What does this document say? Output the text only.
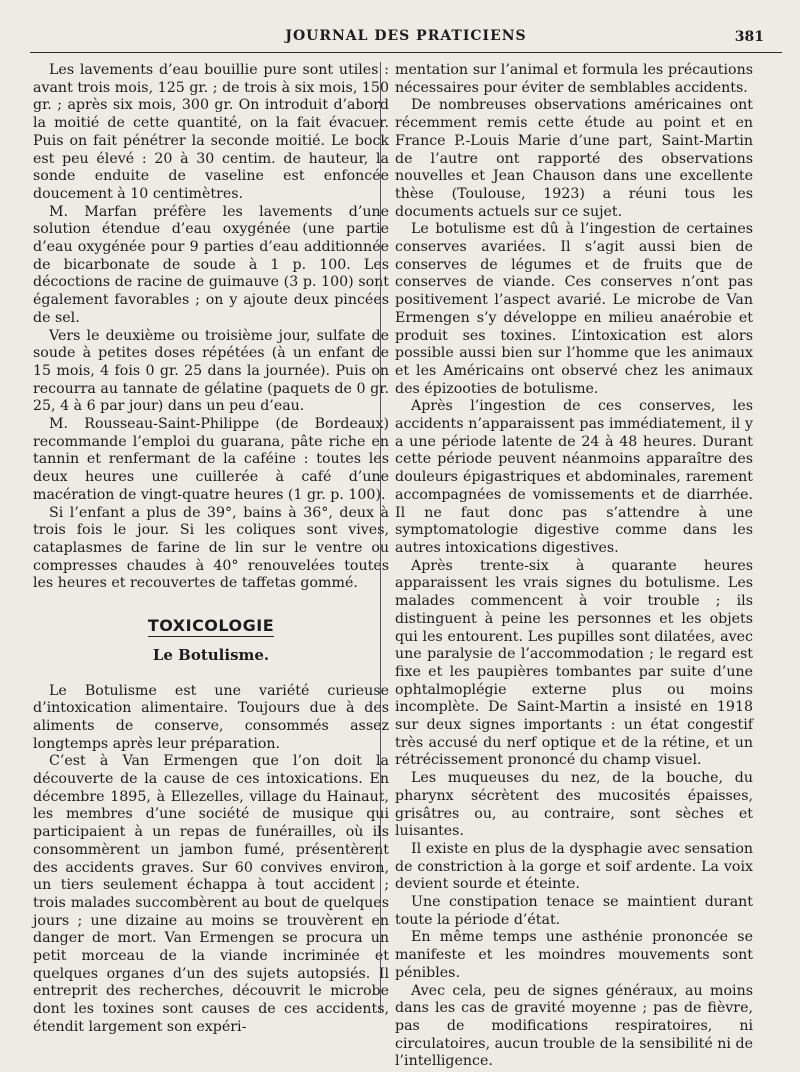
JOURNAL DES PRATICIENS	381

Les lavements d’eau bouillie pure sont utiles : avant trois mois, 125 gr. ; de trois à six mois, 150 gr. ; après six mois, 300 gr. On introduit d’abord la moitié de cette quantité, on la fait évacuer. Puis on fait pénétrer la seconde moitié. Le bock est peu élevé : 20 à 30 centim. de hauteur, la sonde enduite de vaseline est enfoncée doucement à 10 centimètres.

M. Marfan préfère les lavements d’une solution étendue d’eau oxygénée (une partie d’eau oxygénée pour 9 parties d’eau additionnée de bicarbonate de soude à 1 p. 100. Les décoctions de racine de guimauve (3 p. 100) sont également favorables ; on y ajoute deux pincées de sel.

Vers le deuxième ou troisième jour, sulfate de soude à petites doses répétées (à un enfant de 15 mois, 4 fois 0 gr. 25 dans la journée). Puis on recourra au tannate de gélatine (paquets de 0 gr. 25, 4 à 6 par jour) dans un peu d’eau.

M. Rousseau-Saint-Philippe (de Bordeaux) recommande l’emploi du guarana, pâte riche en tannin et renfermant de la caféine : toutes les deux heures une cuillerée à café d’une macération de vingt-quatre heures (1 gr. p. 100).

Si l’enfant a plus de 39°, bains à 36°, deux à trois fois le jour. Si les coliques sont vives, cataplasmes de farine de lin sur le ventre ou compresses chaudes à 40° renouvelées toutes les heures et recouvertes de taffetas gommé.

TOXICOLOGIE
Le Botulisme.

Le Botulisme est une variété curieuse d’intoxication alimentaire. Toujours due à des aliments de conserve, consommés assez longtemps après leur préparation.

C’est à Van Ermengen que l’on doit la découverte de la cause de ces intoxications. En décembre 1895, à Ellezelles, village du Hainaut, les membres d’une société de musique qui participaient à un repas de funérailles, où ils consommèrent un jambon fumé, présentèrent des accidents graves. Sur 60 convives environ, un tiers seulement échappa à tout accident ; trois malades succombèrent au bout de quelques jours ; une dizaine au moins se trouvèrent en danger de mort. Van Ermengen se procura un petit morceau de la viande incriminée et quelques organes d’un des sujets autopsiés. Il entreprit des recherches, découvrit le microbe dont les toxines sont causes de ces accidents, étendit largement son expéri-

mentation sur l’animal et formula les précautions nécessaires pour éviter de semblables accidents.

De nombreuses observations américaines ont récemment remis cette étude au point et en France P.-Louis Marie d’une part, Saint-Martin de l’autre ont rapporté des observations nouvelles et Jean Chauson dans une excellente thèse (Toulouse, 1923) a réuni tous les documents actuels sur ce sujet.

Le botulisme est dû à l’ingestion de certaines conserves avariées. Il s’agit aussi bien de conserves de légumes et de fruits que de conserves de viande. Ces conserves n’ont pas positivement l’aspect avarié. Le microbe de Van Ermengen s’y développe en milieu anaérobie et produit ses toxines. L’intoxication est alors possible aussi bien sur l’homme que les animaux et les Américains ont observé chez les animaux des épizooties de botulisme.

Après l’ingestion de ces conserves, les accidents n’apparaissent pas immédiatement, il y a une période latente de 24 à 48 heures. Durant cette période peuvent néanmoins apparaître des douleurs épigastriques et abdominales, rarement accompagnées de vomissements et de diarrhée. Il ne faut donc pas s’attendre à une symptomatologie digestive comme dans les autres intoxications digestives.

Après trente-six à quarante heures apparaissent les vrais signes du botulisme. Les malades commencent à voir trouble ; ils distinguent à peine les personnes et les objets qui les entourent. Les pupilles sont dilatées, avec une paralysie de l’accommodation ; le regard est fixe et les paupières tombantes par suite d’une ophtalmoplégie externe plus ou moins incomplète. De Saint-Martin a insisté en 1918 sur deux signes importants : un état congestif très accusé du nerf optique et de la rétine, et un rétrécissement prononcé du champ visuel.

Les muqueuses du nez, de la bouche, du pharynx sécrètent des mucosités épaisses, grisâtres ou, au contraire, sont sèches et luisantes.

Il existe en plus de la dysphagie avec sensation de constriction à la gorge et soif ardente. La voix devient sourde et éteinte.

Une constipation tenace se maintient durant toute la période d’état.

En même temps une asthénie prononcée se manifeste et les moindres mouvements sont pénibles.

Avec cela, peu de signes généraux, au moins dans les cas de gravité moyenne ; pas de fièvre, pas de modifications respiratoires, ni circulatoires, aucun trouble de la sensibilité ni de l’intelligence.
